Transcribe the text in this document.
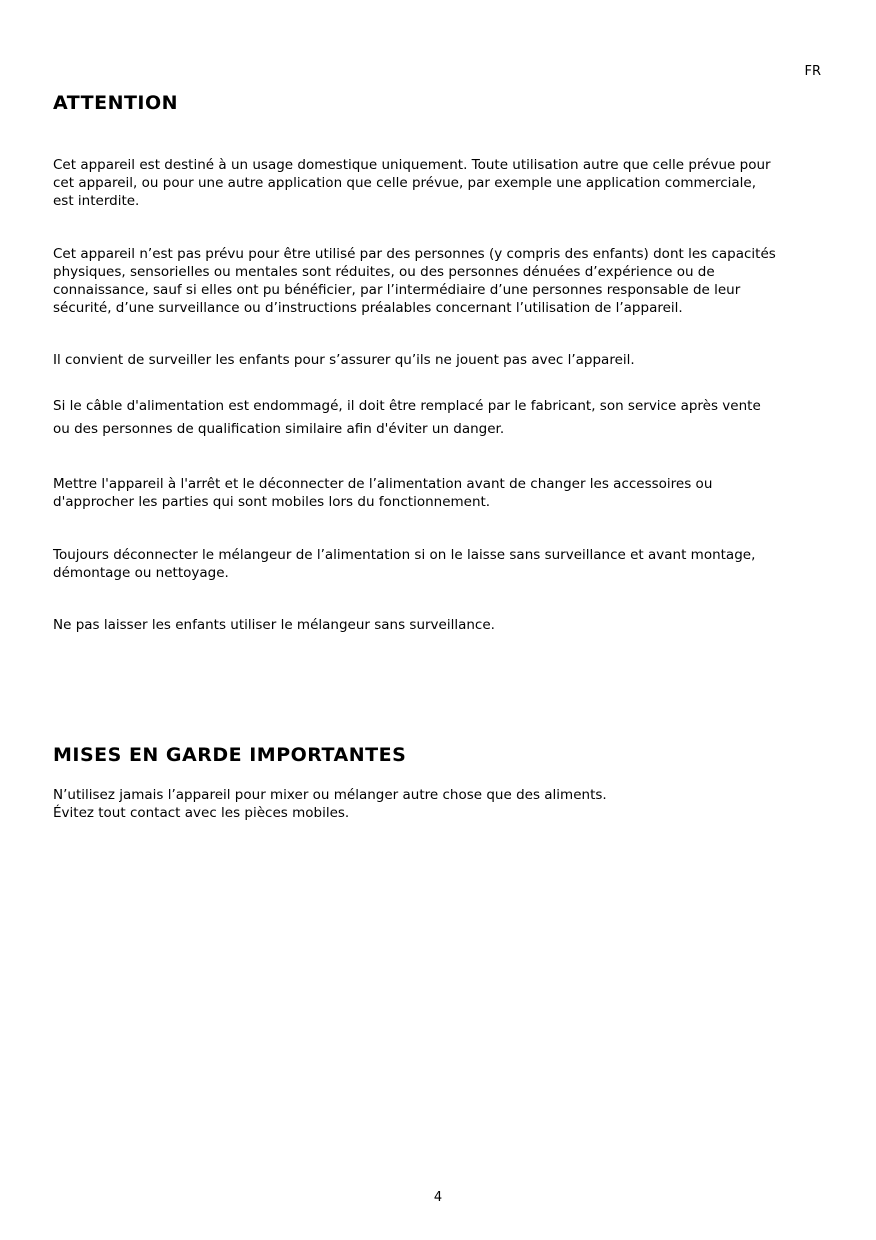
FR
ATTENTION
Cet appareil est destiné à un usage domestique uniquement. Toute utilisation autre que celle prévue pour
cet appareil, ou pour une autre application que celle prévue, par exemple une application commerciale,
est interdite.
Cet appareil n’est pas prévu pour être utilisé par des personnes (y compris des enfants) dont les capacités
physiques, sensorielles ou mentales sont réduites, ou des personnes dénuées d’expérience ou de
connaissance, sauf si elles ont pu bénéficier, par l’intermédiaire d’une personnes responsable de leur
sécurité, d’une surveillance ou d’instructions préalables concernant l’utilisation de l’appareil.
Il convient de surveiller les enfants pour s’assurer qu’ils ne jouent pas avec l’appareil.
Si le câble d'alimentation est endommagé, il doit être remplacé par le fabricant, son service après vente
ou des personnes de qualification similaire afin d'éviter un danger.
Mettre l'appareil à l'arrêt et le déconnecter de l’alimentation avant de changer les accessoires ou
d'approcher les parties qui sont mobiles lors du fonctionnement.
Toujours déconnecter le mélangeur de l’alimentation si on le laisse sans surveillance et avant montage,
démontage ou nettoyage.
Ne pas laisser les enfants utiliser le mélangeur sans surveillance.
MISES EN GARDE IMPORTANTES
N’utilisez jamais l’appareil pour mixer ou mélanger autre chose que des aliments.
Évitez tout contact avec les pièces mobiles.
4
